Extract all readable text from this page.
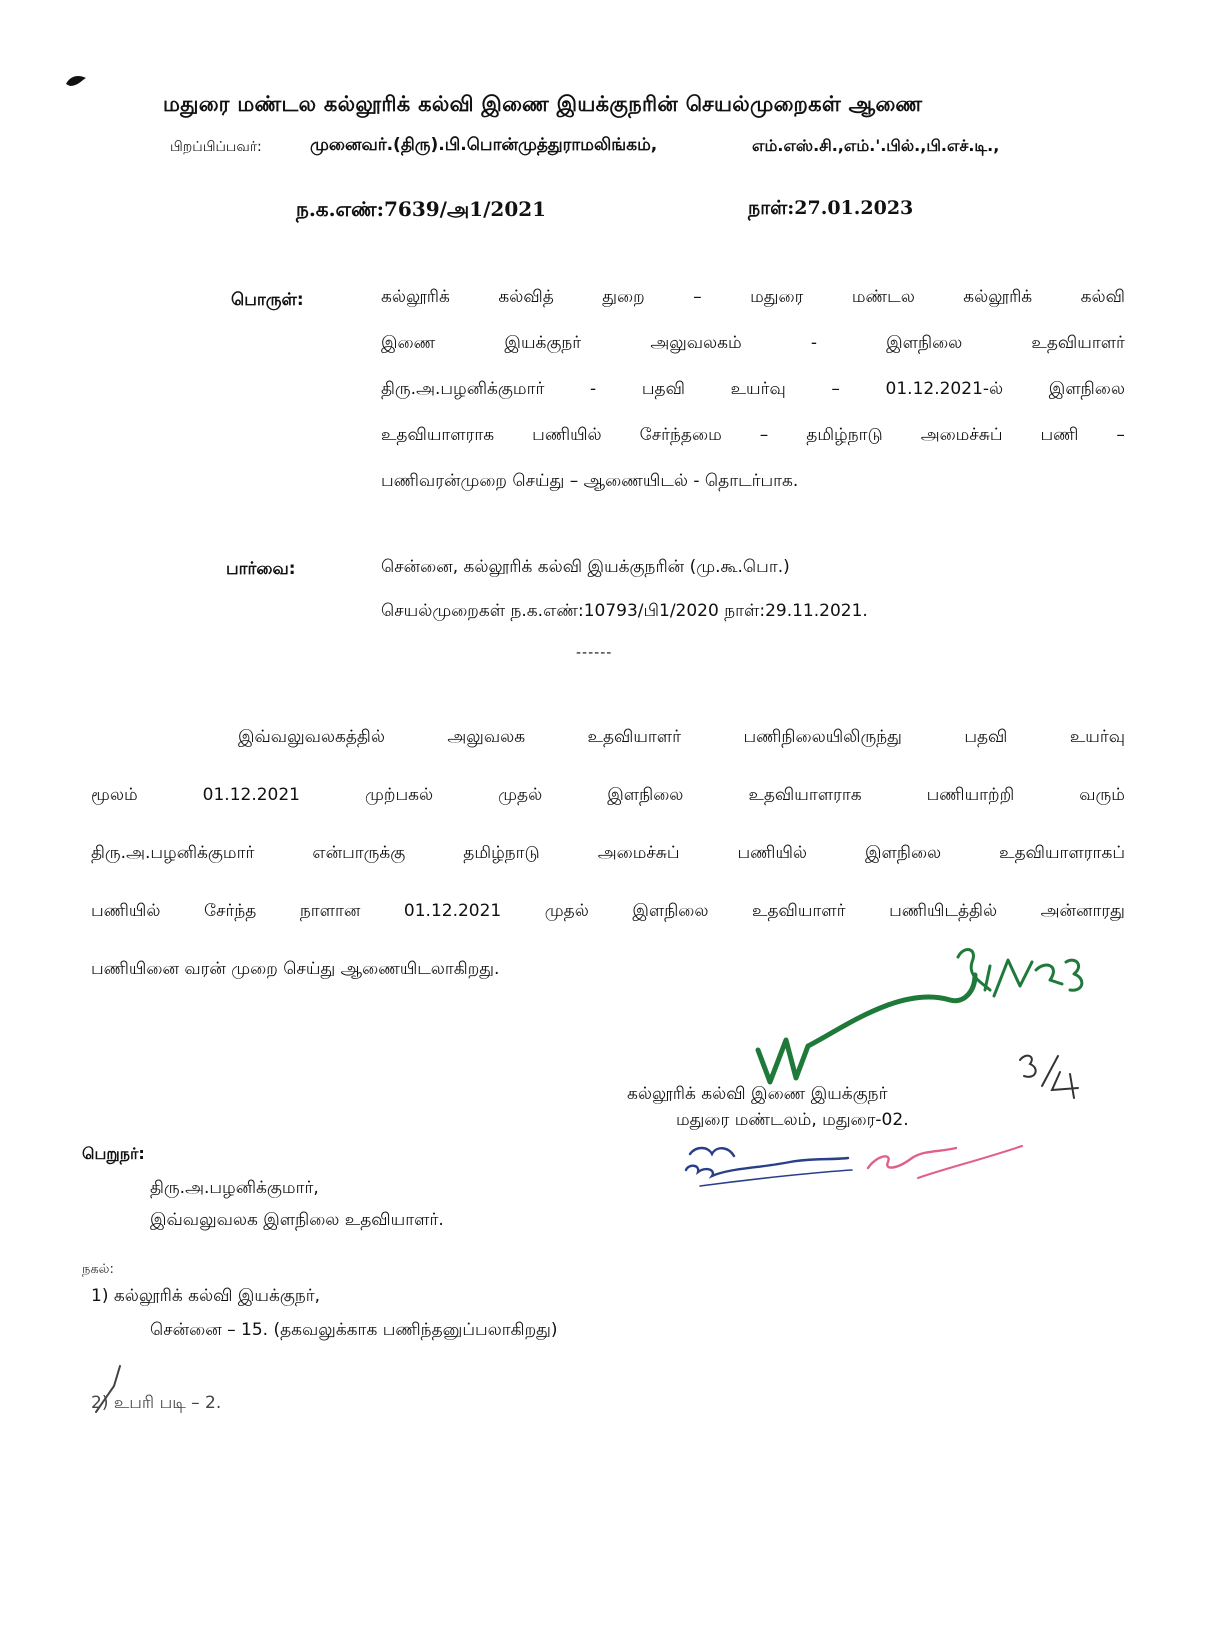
மதுரை மண்டல கல்லூரிக் கல்வி இணை இயக்குநரின் செயல்முறைகள் ஆணை
பிறப்பிப்பவர்:	முனைவர்.(திரு).பி.பொன்முத்துராமலிங்கம்,	எம்.எஸ்.சி.,எம்.'.பில்.,பி.எச்.டி.,
ந.க.எண்:7639/அ1/2021	நாள்:27.01.2023
பொருள்:	கல்லூரிக்	கல்வித்	துறை	–	மதுரை	மண்டல	கல்லூரிக்	கல்வி
இணை	இயக்குநர்	அலுவலகம்	-	இளநிலை	உதவியாளர்
திரு.அ.பழனிக்குமார்	-	பதவி	உயர்வு	–	01.12.2021-ல்	இளநிலை
உதவியாளராக பணியில் சேர்ந்தமை – தமிழ்நாடு அமைச்சுப் பணி –
பணிவரன்முறை செய்து – ஆணையிடல் - தொடர்பாக.
பார்வை:	சென்னை, கல்லூரிக் கல்வி இயக்குநரின் (மு.கூ.பொ.)
செயல்முறைகள் ந.க.எண்:10793/பி1/2020 நாள்:29.11.2021.
------
இவ்வலுவலகத்தில்	அலுவலக	உதவியாளர்	பணிநிலையிலிருந்து	பதவி	உயர்வு
மூலம்	01.12.2021	முற்பகல்	முதல்	இளநிலை	உதவியாளராக	பணியாற்றி	வரும்
திரு.அ.பழனிக்குமார்	என்பாருக்கு	தமிழ்நாடு	அமைச்சுப்	பணியில்	இளநிலை	உதவியாளராகப்
பணியில்	சேர்ந்த	நாளான	01.12.2021	முதல்	இளநிலை	உதவியாளர்	பணியிடத்தில்	அன்னாரது
பணியினை வரன் முறை செய்து ஆணையிடலாகிறது.
கல்லூரிக் கல்வி இணை இயக்குநர்
மதுரை மண்டலம், மதுரை-02.
பெறுநர்:
திரு.அ.பழனிக்குமார்,
இவ்வலுவலக இளநிலை உதவியாளர்.
நகல்:
1) கல்லூரிக் கல்வி இயக்குநர்,
சென்னை – 15. (தகவலுக்காக பணிந்தனுப்பலாகிறது)
2) உபரி படி – 2.
